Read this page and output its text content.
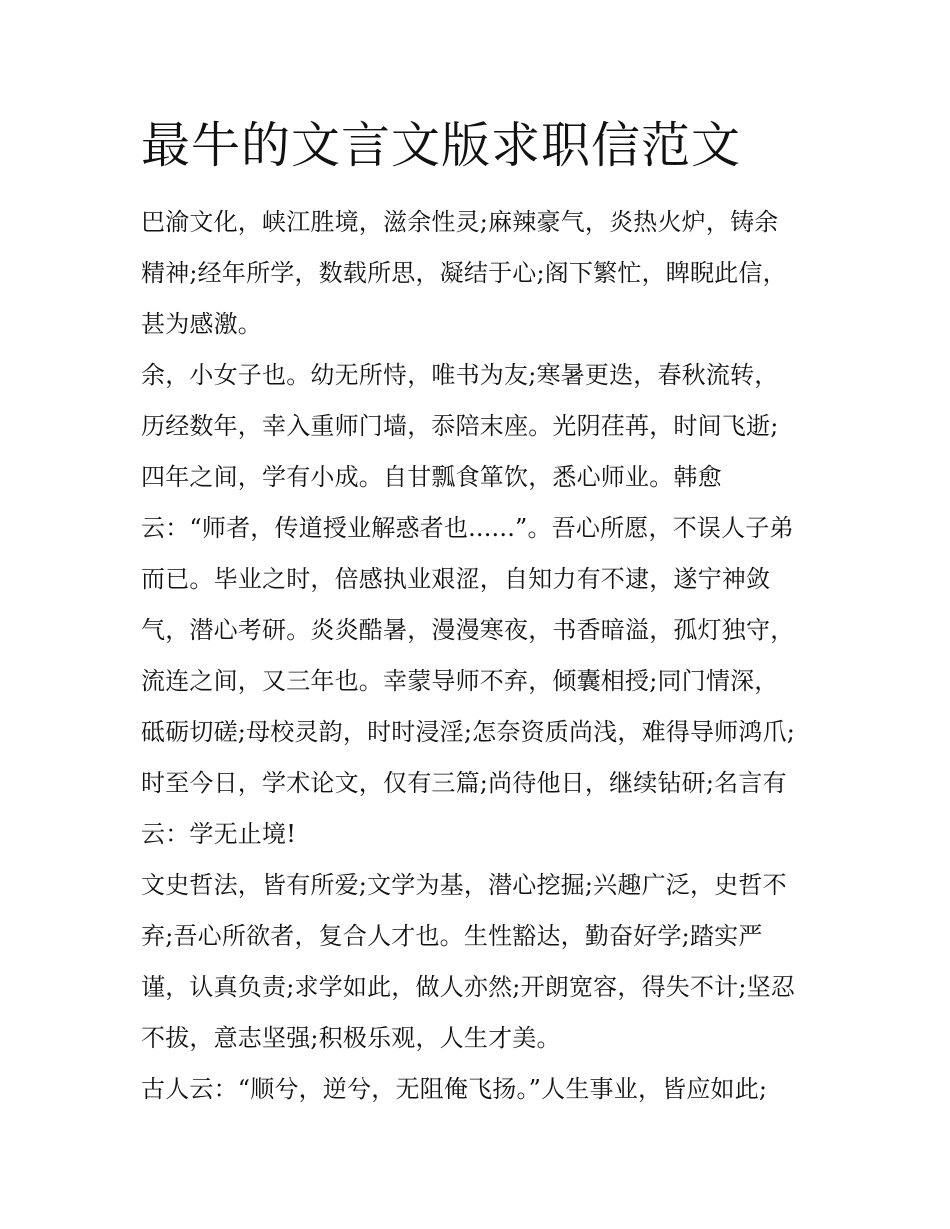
最牛的文言文版求职信范文

巴渝文化，峡江胜境，滋余性灵;麻辣豪气，炎热火炉，铸余

精神;经年所学，数载所思，凝结于心;阁下繁忙，睥睨此信，

甚为感激。

余，小女子也。幼无所恃，唯书为友;寒暑更迭，春秋流转，

历经数年，幸入重师门墙，忝陪末座。光阴荏苒，时间飞逝;

四年之间，学有小成。自甘瓢食箪饮，悉心师业。韩愈

云：“师者，传道授业解惑者也......”。吾心所愿，不误人子弟

而已。毕业之时，倍感执业艰涩，自知力有不逮，遂宁神敛

气，潜心考研。炎炎酷暑，漫漫寒夜，书香暗溢，孤灯独守，

流连之间，又三年也。幸蒙导师不弃，倾囊相授;同门情深，

砥砺切磋;母校灵韵，时时浸淫;怎奈资质尚浅，难得导师鸿爪;

时至今日，学术论文，仅有三篇;尚待他日，继续钻研;名言有

云：学无止境!

文史哲法，皆有所爱;文学为基，潜心挖掘;兴趣广泛，史哲不

弃;吾心所欲者，复合人才也。生性豁达，勤奋好学;踏实严

谨，认真负责;求学如此，做人亦然;开朗宽容，得失不计;坚忍

不拔，意志坚强;积极乐观，人生才美。

古人云：“顺兮，逆兮，无阻俺飞扬。”人生事业，皆应如此;
